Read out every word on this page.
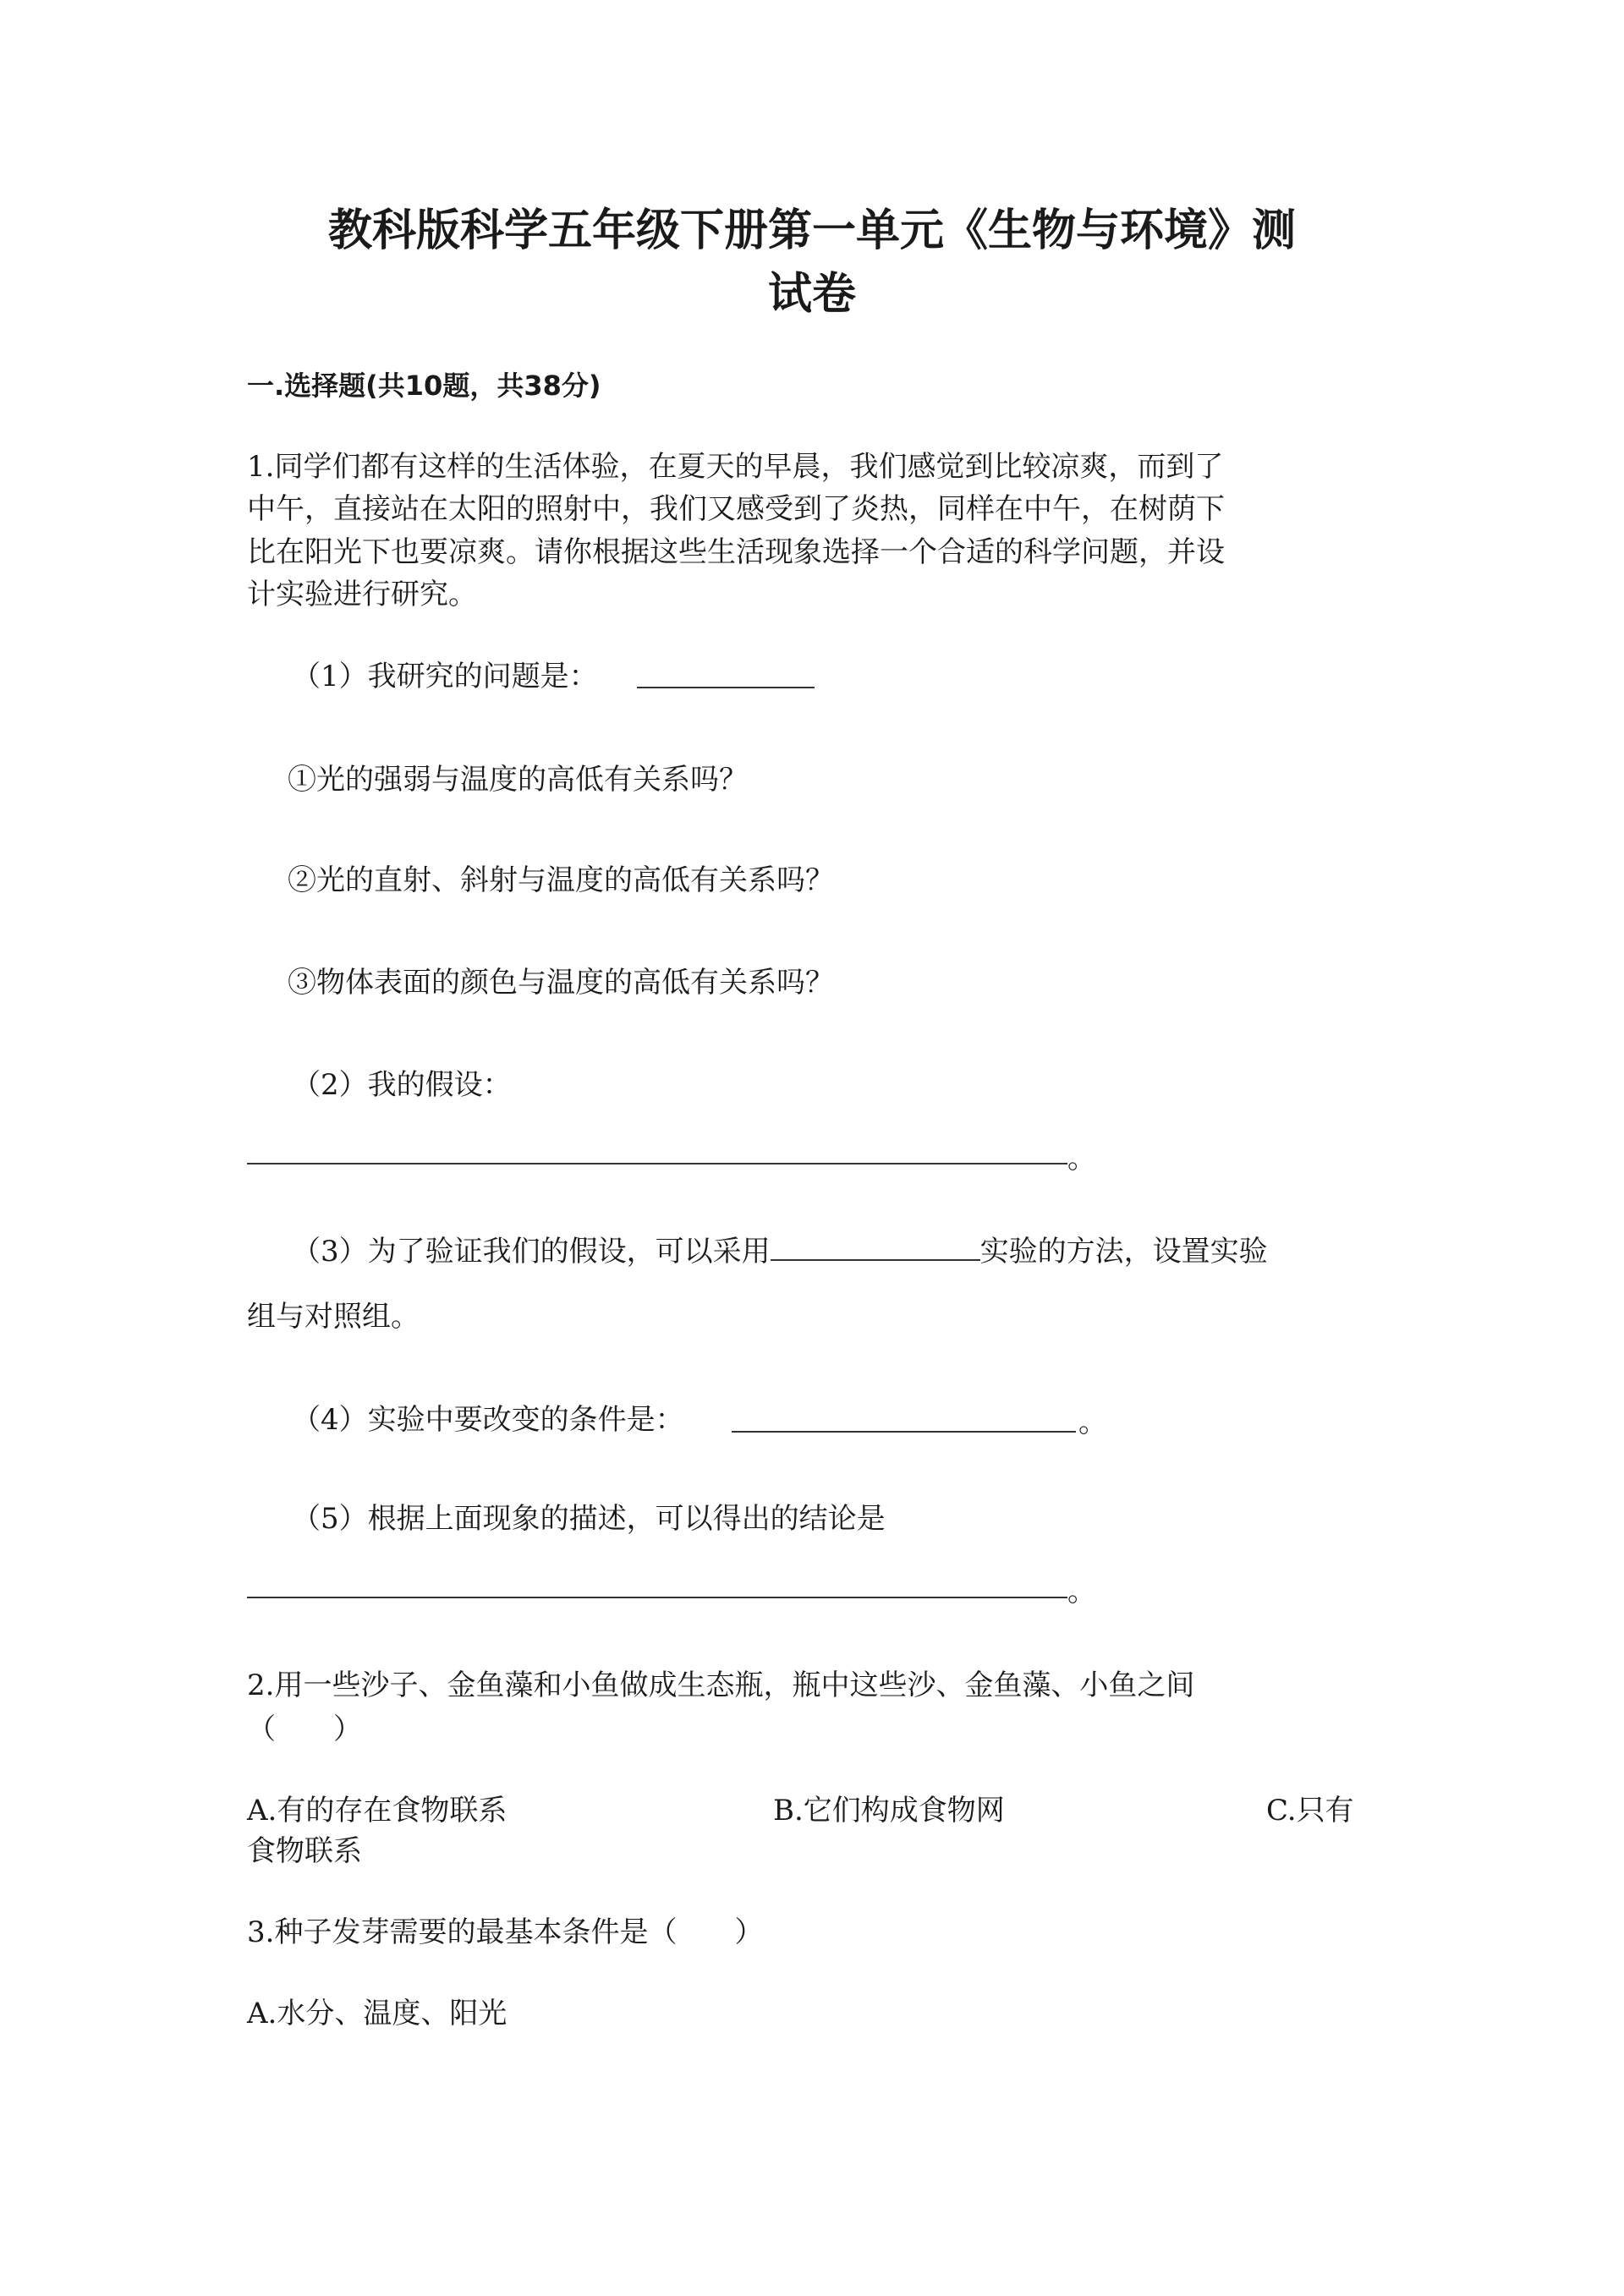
教科版科学五年级下册第一单元《生物与环境》测
试卷
一.选择题(共10题，共38分)
1.同学们都有这样的生活体验，在夏天的早晨，我们感觉到比较凉爽，而到了
中午，直接站在太阳的照射中，我们又感受到了炎热，同样在中午，在树荫下
比在阳光下也要凉爽。请你根据这些生活现象选择一个合适的科学问题，并设
计实验进行研究。
（1）我研究的问题是：
①光的强弱与温度的高低有关系吗？
②光的直射、斜射与温度的高低有关系吗？
③物体表面的颜色与温度的高低有关系吗？
（2）我的假设：
。
（3）为了验证我们的假设，可以采用	实验的方法，设置实验
组与对照组。
（4）实验中要改变的条件是：	。
（5）根据上面现象的描述，可以得出的结论是
。
2.用一些沙子、金鱼藻和小鱼做成生态瓶，瓶中这些沙、金鱼藻、小鱼之间
（　　）
A.有的存在食物联系	B.它们构成食物网	C.只有
食物联系
3.种子发芽需要的最基本条件是（　　）
A.水分、温度、阳光
